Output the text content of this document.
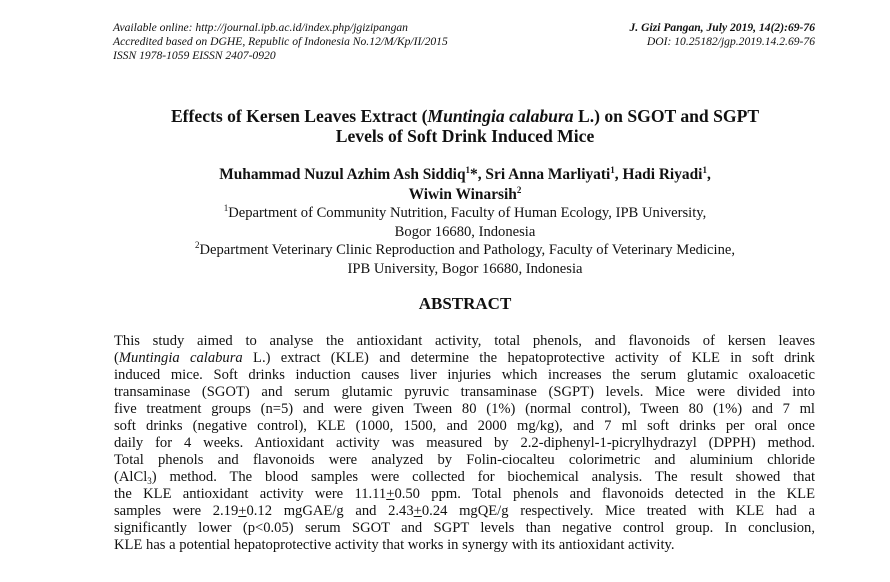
Available online: http://journal.ipb.ac.id/index.php/jgizipangan
Accredited based on DGHE, Republic of Indonesia No.12/M/Kp/II/2015
ISSN 1978-1059 EISSN 2407-0920
J. Gizi Pangan, July 2019, 14(2):69-76
DOI: 10.25182/jgp.2019.14.2.69-76
Effects of Kersen Leaves Extract (Muntingia calabura L.) on SGOT and SGPT
Levels of Soft Drink Induced Mice
Muhammad Nuzul Azhim Ash Siddiq$^1$*, Sri Anna Marliyati$^1$, Hadi Riyadi$^1$,
Wiwin Winarsih$^2$
$^1$Department of Community Nutrition, Faculty of Human Ecology, IPB University,
Bogor 16680, Indonesia
$^2$Department Veterinary Clinic Reproduction and Pathology, Faculty of Veterinary Medicine,
IPB University, Bogor 16680, Indonesia
ABSTRACT
This study aimed to analyse the antioxidant activity, total phenols, and flavonoids of kersen leaves
(Muntingia calabura L.) extract (KLE) and determine the hepatoprotective activity of KLE in soft drink
induced mice. Soft drinks induction causes liver injuries which increases the serum glutamic oxaloacetic
transaminase (SGOT) and serum glutamic pyruvic transaminase (SGPT) levels. Mice were divided into
five treatment groups (n=5) and were given Tween 80 (1%) (normal control), Tween 80 (1%) and 7 ml
soft drinks (negative control), KLE (1000, 1500, and 2000 mg/kg), and 7 ml soft drinks per oral once
daily for 4 weeks. Antioxidant activity was measured by 2.2-diphenyl-1-picrylhydrazyl (DPPH) method.
Total phenols and flavonoids were analyzed by Folin-ciocalteu colorimetric and aluminium chloride
(AlCl$_3$) method. The blood samples were collected for biochemical analysis. The result showed that
the KLE antioxidant activity were 11.11+0.50 ppm. Total phenols and flavonoids detected in the KLE
samples were 2.19+0.12 mgGAE/g and 2.43+0.24 mgQE/g respectively. Mice treated with KLE had a
significantly lower (p<0.05) serum SGOT and SGPT levels than negative control group. In conclusion,
KLE has a potential hepatoprotective activity that works in synergy with its antioxidant activity.
